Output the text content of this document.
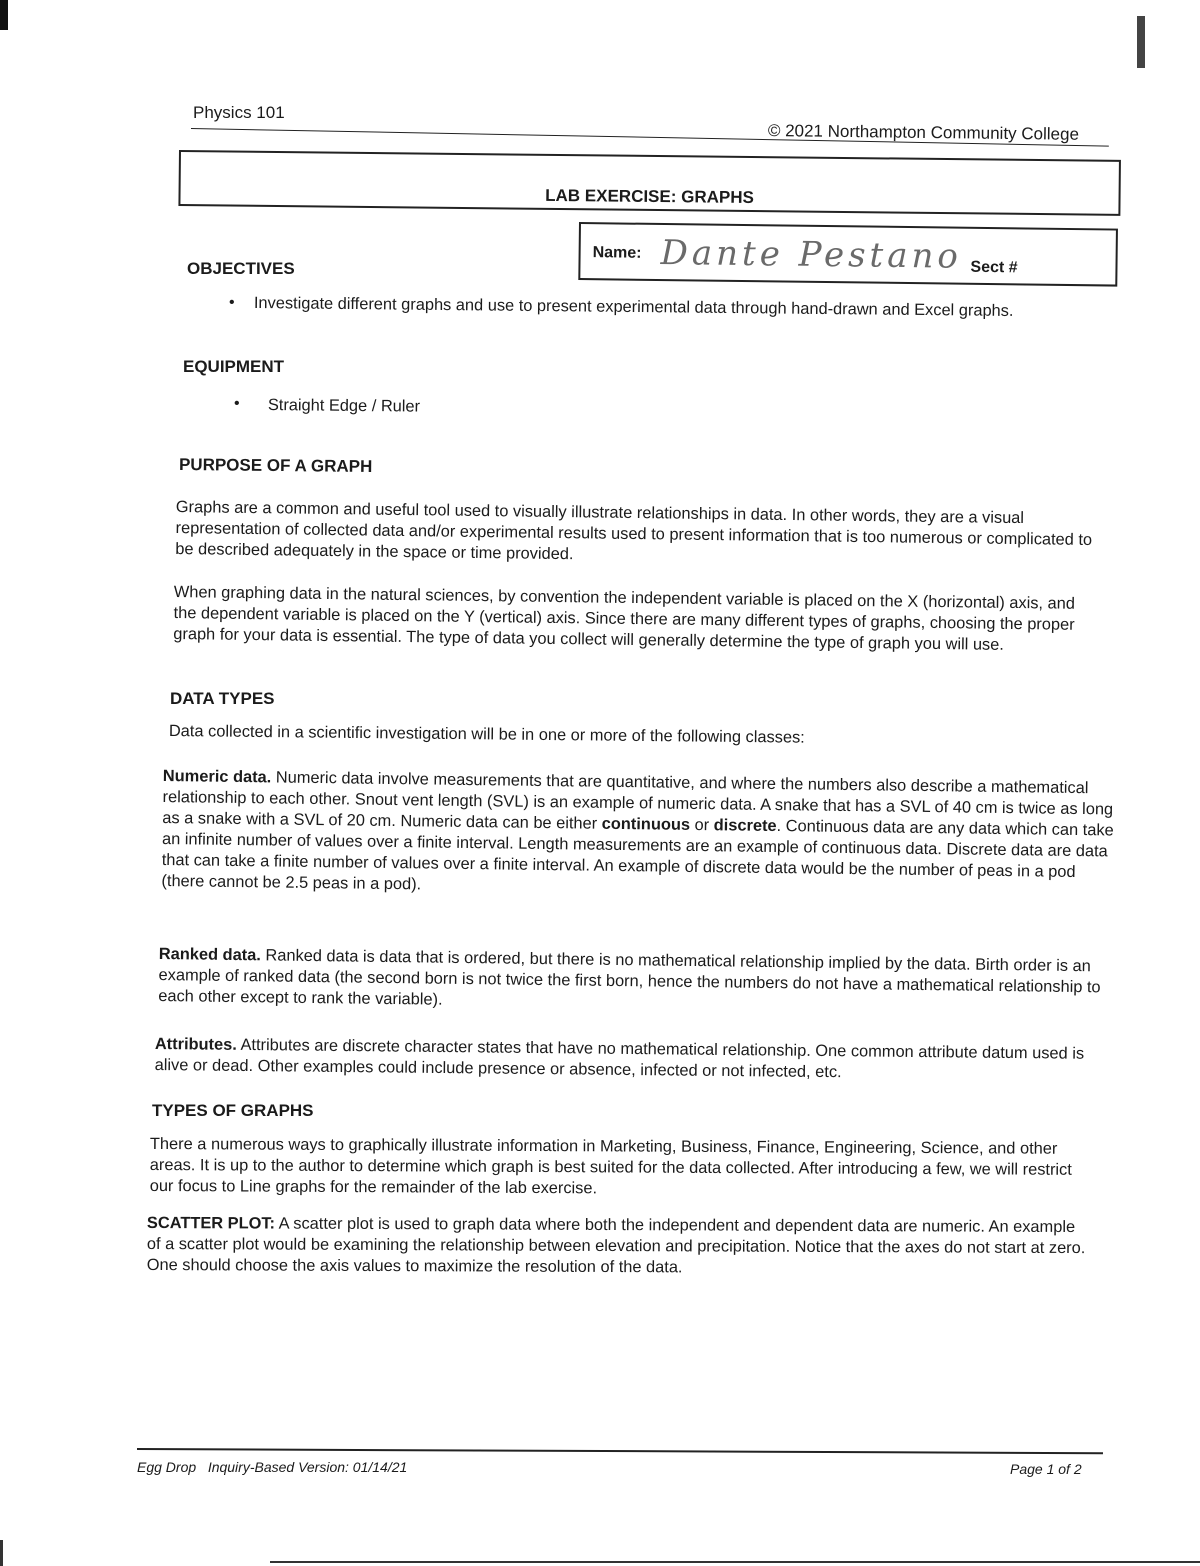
Physics 101
© 2021 Northampton Community College
LAB EXERCISE: GRAPHS
Name: Dante Pestano Sect #
OBJECTIVES
• Investigate different graphs and use to present experimental data through hand-drawn and Excel graphs.
EQUIPMENT
• Straight Edge / Ruler
PURPOSE OF A GRAPH
Graphs are a common and useful tool used to visually illustrate relationships in data. In other words, they are a visual representation of collected data and/or experimental results used to present information that is too numerous or complicated to be described adequately in the space or time provided.
When graphing data in the natural sciences, by convention the independent variable is placed on the X (horizontal) axis, and the dependent variable is placed on the Y (vertical) axis. Since there are many different types of graphs, choosing the proper graph for your data is essential. The type of data you collect will generally determine the type of graph you will use.
DATA TYPES
Data collected in a scientific investigation will be in one or more of the following classes:
Numeric data. Numeric data involve measurements that are quantitative, and where the numbers also describe a mathematical relationship to each other. Snout vent length (SVL) is an example of numeric data. A snake that has a SVL of 40 cm is twice as long as a snake with a SVL of 20 cm. Numeric data can be either continuous or discrete. Continuous data are any data which can take an infinite number of values over a finite interval. Length measurements are an example of continuous data. Discrete data are data that can take a finite number of values over a finite interval. An example of discrete data would be the number of peas in a pod (there cannot be 2.5 peas in a pod).
Ranked data. Ranked data is data that is ordered, but there is no mathematical relationship implied by the data. Birth order is an example of ranked data (the second born is not twice the first born, hence the numbers do not have a mathematical relationship to each other except to rank the variable).
Attributes. Attributes are discrete character states that have no mathematical relationship. One common attribute datum used is alive or dead. Other examples could include presence or absence, infected or not infected, etc.
TYPES OF GRAPHS
There a numerous ways to graphically illustrate information in Marketing, Business, Finance, Engineering, Science, and other areas. It is up to the author to determine which graph is best suited for the data collected. After introducing a few, we will restrict our focus to Line graphs for the remainder of the lab exercise.
SCATTER PLOT: A scatter plot is used to graph data where both the independent and dependent data are numeric. An example of a scatter plot would be examining the relationship between elevation and precipitation. Notice that the axes do not start at zero. One should choose the axis values to maximize the resolution of the data.
Egg Drop   Inquiry-Based Version: 01/14/21	Page 1 of 2
